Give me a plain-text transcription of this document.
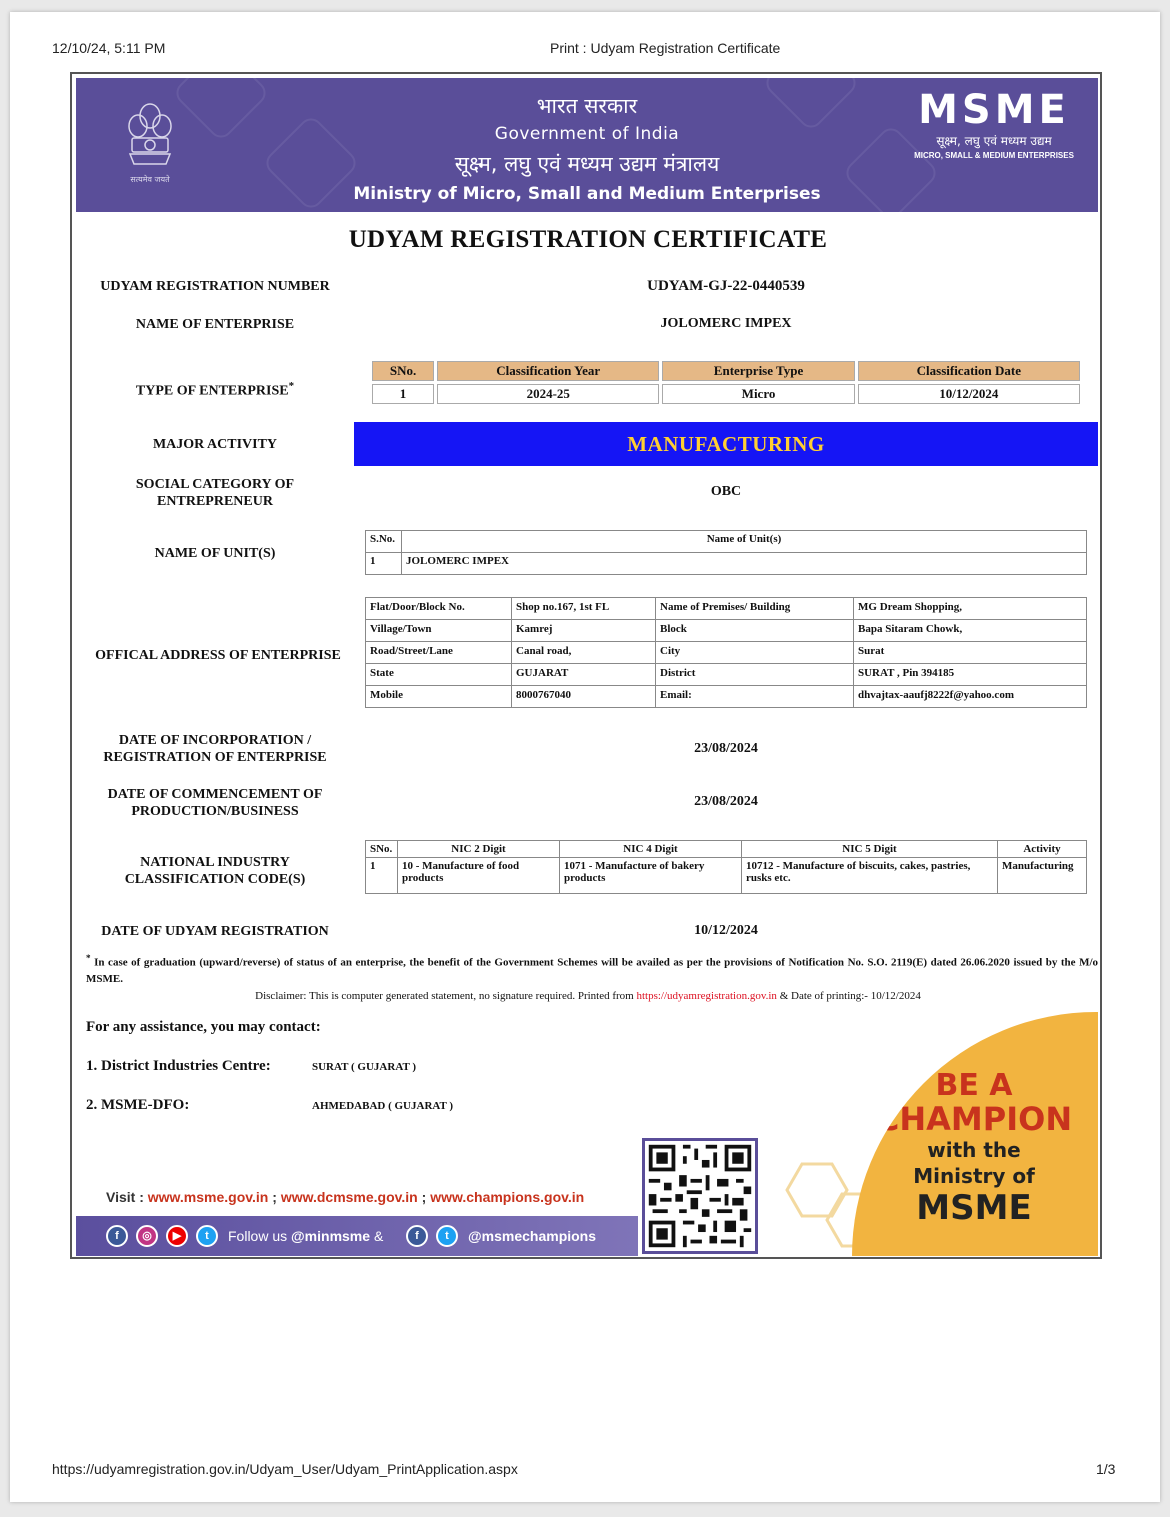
12/10/24, 5:11 PM	Print : Udyam Registration Certificate
सत्यमेव जयते
भारत सरकार
Government of India
सूक्ष्म, लघु एवं मध्यम उद्यम मंत्रालय
Ministry of Micro, Small and Medium Enterprises
MSME
सूक्ष्म, लघु एवं मध्यम उद्यम
MICRO, SMALL & MEDIUM ENTERPRISES
UDYAM REGISTRATION CERTIFICATE
UDYAM REGISTRATION NUMBER	UDYAM-GJ-22-0440539
NAME OF ENTERPRISE	JOLOMERC IMPEX
TYPE OF ENTERPRISE*
SNo.	Classification Year	Enterprise Type	Classification Date
1	2024-25	Micro	10/12/2024
MAJOR ACTIVITY	MANUFACTURING
SOCIAL CATEGORY OF
ENTREPRENEUR
OBC
NAME OF UNIT(S)
S.No.	Name of Unit(s)
1	JOLOMERC IMPEX
OFFICAL ADDRESS OF ENTERPRISE
Flat/Door/Block No.	Shop no.167, 1st FL	Name of Premises/ Building	MG Dream Shopping,
Village/Town	Kamrej	Block	Bapa Sitaram Chowk,
Road/Street/Lane	Canal road,	City	Surat
State	GUJARAT	District	SURAT , Pin 394185
Mobile	8000767040	Email:	dhvajtax-aaufj8222f@yahoo.com
DATE OF INCORPORATION /
REGISTRATION OF ENTERPRISE
23/08/2024
DATE OF COMMENCEMENT OF
PRODUCTION/BUSINESS
23/08/2024
NATIONAL INDUSTRY
CLASSIFICATION CODE(S)
SNo.	NIC 2 Digit	NIC 4 Digit	NIC 5 Digit	Activity
1	10 - Manufacture of food products	1071 - Manufacture of bakery products	10712 - Manufacture of biscuits, cakes, pastries, rusks etc.	Manufacturing
DATE OF UDYAM REGISTRATION	10/12/2024
* In case of graduation (upward/reverse) of status of an enterprise, the benefit of the Government Schemes will be availed as per the provisions of Notification No. S.O. 2119(E) dated 26.06.2020 issued by the M/o MSME.
Disclaimer: This is computer generated statement, no signature required. Printed from https://udyamregistration.gov.in & Date of printing:- 10/12/2024
For any assistance, you may contact:
1. District Industries Centre:	SURAT ( GUJARAT )
2. MSME-DFO:	AHMEDABAD ( GUJARAT )
Visit : www.msme.gov.in ; www.dcmsme.gov.in ; www.champions.gov.in
f	◎	▶	t	Follow us @minmsme &	f	t	@msmechampions
BE A
CHAMPION
with the
Ministry of
MSME
https://udyamregistration.gov.in/Udyam_User/Udyam_PrintApplication.aspx	1/3
